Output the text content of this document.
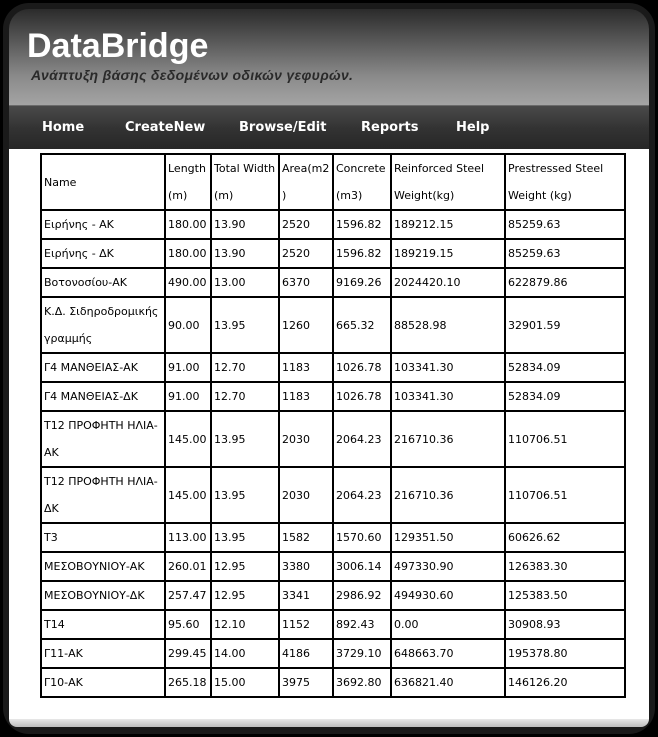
DataBridge
Ανάπτυξη βάσης δεδομένων οδικών γεφυρών.
Home	CreateNew	Browse/Edit	Reports	Help
Name	Length (m)	Total Width (m)	Area(m2)	Concrete (m3)	Reinforced Steel Weight(kg)	Prestressed Steel Weight (kg)
Ειρήνης - ΑΚ	180.00	13.90	2520	1596.82	189212.15	85259.63
Ειρήνης - ΔΚ	180.00	13.90	2520	1596.82	189219.15	85259.63
Βοτονοσίου-ΑΚ	490.00	13.00	6370	9169.26	2024420.10	622879.86
Κ.Δ. Σιδηροδρομικής γραμμής	90.00	13.95	1260	665.32	88528.98	32901.59
Γ4 ΜΑΝΘΕΙΑΣ-ΑΚ	91.00	12.70	1183	1026.78	103341.30	52834.09
Γ4 ΜΑΝΘΕΙΑΣ-ΔΚ	91.00	12.70	1183	1026.78	103341.30	52834.09
Τ12 ΠΡΟΦΗΤΗ ΗΛΙΑ-ΑΚ	145.00	13.95	2030	2064.23	216710.36	110706.51
Τ12 ΠΡΟΦΗΤΗ ΗΛΙΑ-ΔΚ	145.00	13.95	2030	2064.23	216710.36	110706.51
Τ3	113.00	13.95	1582	1570.60	129351.50	60626.62
ΜΕΣΟΒΟΥΝΙΟΥ-ΑΚ	260.01	12.95	3380	3006.14	497330.90	126383.30
ΜΕΣΟΒΟΥΝΙΟΥ-ΔΚ	257.47	12.95	3341	2986.92	494930.60	125383.50
Τ14	95.60	12.10	1152	892.43	0.00	30908.93
Γ11-ΑΚ	299.45	14.00	4186	3729.10	648663.70	195378.80
Γ10-ΑΚ	265.18	15.00	3975	3692.80	636821.40	146126.20
